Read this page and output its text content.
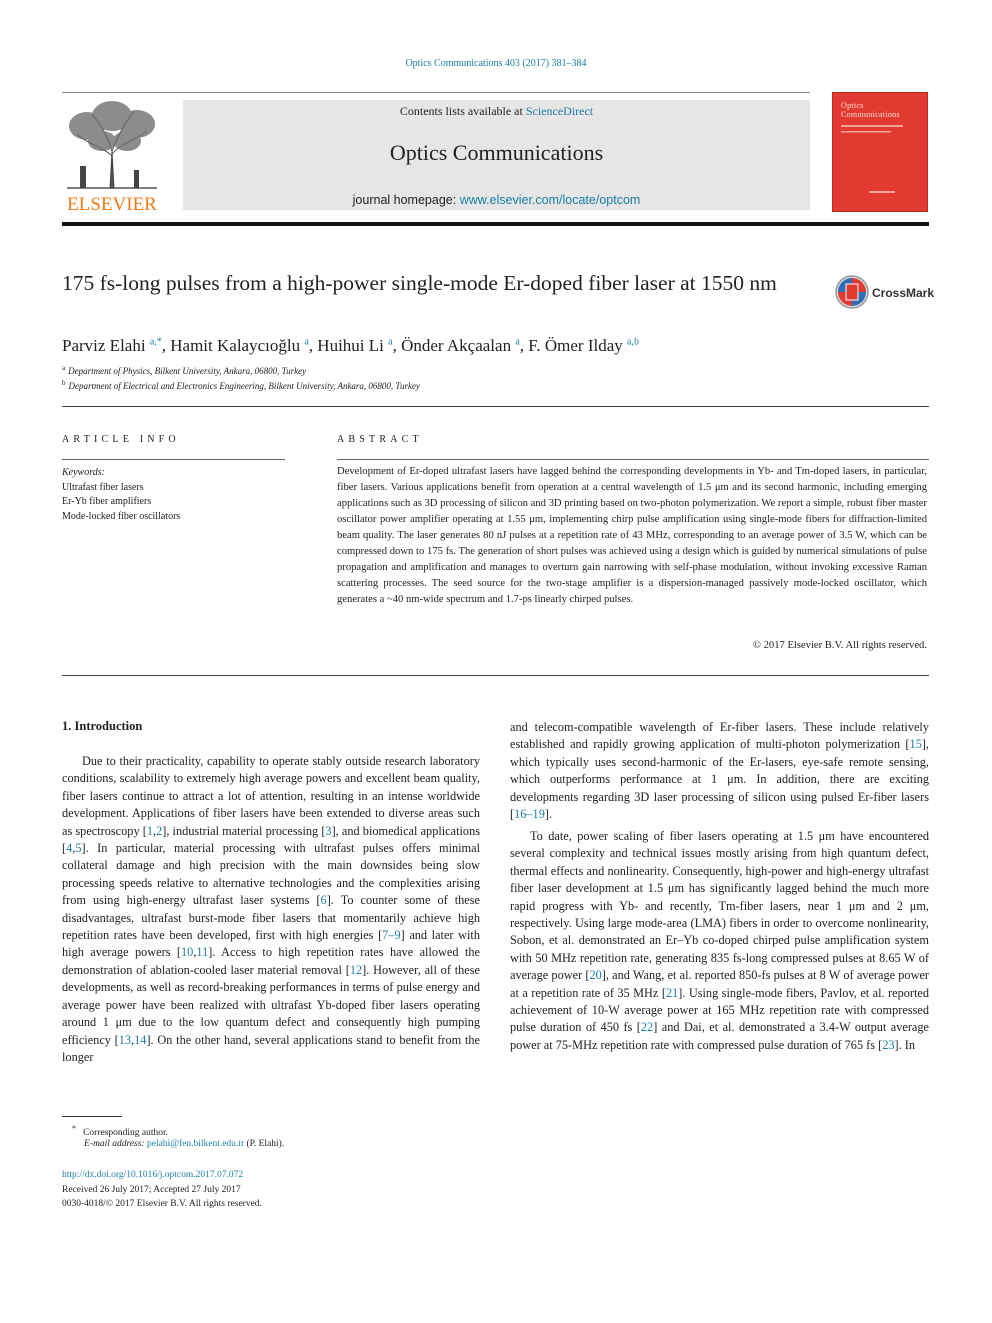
Optics Communications 403 (2017) 381–384
ELSEVIER
Contents lists available at ScienceDirect
Optics Communications
journal homepage: www.elsevier.com/locate/optcom
Optics Communications
175 fs-long pulses from a high-power single-mode Er-doped fiber laser at 1550 nm	CrossMark
Parviz Elahi $^{a,*}$, Hamit Kalaycıoğlu $^a$, Huihui Li $^a$, Önder Akçaalan $^a$, F. Ömer Ilday $^{a,b}$
$^a$ Department of Physics, Bilkent University, Ankara, 06800, Turkey
$^b$ Department of Electrical and Electronics Engineering, Bilkent University, Ankara, 06800, Turkey
ARTICLE INFO	ABSTRACT
Keywords:
Ultrafast fiber lasers
Er-Yb fiber amplifiers
Mode-locked fiber oscillators

Development of Er-doped ultrafast lasers have lagged behind the corresponding developments in Yb- and Tm-doped lasers, in particular, fiber lasers. Various applications benefit from operation at a central wavelength of 1.5 μm and its second harmonic, including emerging applications such as 3D processing of silicon and 3D printing based on two-photon polymerization. We report a simple, robust fiber master oscillator power amplifier operating at 1.55 μm, implementing chirp pulse amplification using single-mode fibers for diffraction-limited beam quality. The laser generates 80 nJ pulses at a repetition rate of 43 MHz, corresponding to an average power of 3.5 W, which can be compressed down to 175 fs. The generation of short pulses was achieved using a design which is guided by numerical simulations of pulse propagation and amplification and manages to overturn gain narrowing with self-phase modulation, without invoking excessive Raman scattering processes. The seed source for the two-stage amplifier is a dispersion-managed passively mode-locked oscillator, which generates a ~40 nm-wide spectrum and 1.7-ps linearly chirped pulses.

© 2017 Elsevier B.V. All rights reserved.
1. Introduction

Due to their practicality, capability to operate stably outside research laboratory conditions, scalability to extremely high average powers and excellent beam quality, fiber lasers continue to attract a lot of attention, resulting in an intense worldwide development. Applications of fiber lasers have been extended to diverse areas such as spectroscopy [1,2], industrial material processing [3], and biomedical applications [4,5]. In particular, material processing with ultrafast pulses offers minimal collateral damage and high precision with the main downsides being slow processing speeds relative to alternative technologies and the complexities arising from using high-energy ultrafast laser systems [6]. To counter some of these disadvantages, ultrafast burst-mode fiber lasers that momentarily achieve high repetition rates have been developed, first with high energies [7–9] and later with high average powers [10,11]. Access to high repetition rates have allowed the demonstration of ablation-cooled laser material removal [12]. However, all of these developments, as well as record-breaking performances in terms of pulse energy and average power have been realized with ultrafast Yb-doped fiber lasers operating around 1 μm due to the low quantum defect and consequently high pumping efficiency [13,14]. On the other hand, several applications stand to benefit from the longer

and telecom-compatible wavelength of Er-fiber lasers. These include relatively established and rapidly growing application of multi-photon polymerization [15], which typically uses second-harmonic of the Er-lasers, eye-safe remote sensing, which outperforms performance at 1 μm. In addition, there are exciting developments regarding 3D laser processing of silicon using pulsed Er-fiber lasers [16–19].

To date, power scaling of fiber lasers operating at 1.5 μm have encountered several complexity and technical issues mostly arising from high quantum defect, thermal effects and nonlinearity. Consequently, high-power and high-energy ultrafast fiber laser development at 1.5 μm has significantly lagged behind the much more rapid progress with Yb- and recently, Tm-fiber lasers, near 1 μm and 2 μm, respectively. Using large mode-area (LMA) fibers in order to overcome nonlinearity, Sobon, et al. demonstrated an Er–Yb co-doped chirped pulse amplification system with 50 MHz repetition rate, generating 835 fs-long compressed pulses at 8.65 W of average power [20], and Wang, et al. reported 850-fs pulses at 8 W of average power at a repetition rate of 35 MHz [21]. Using single-mode fibers, Pavlov, et al. reported achievement of 10-W average power at 165 MHz repetition rate with compressed pulse duration of 450 fs [22] and Dai, et al. demonstrated a 3.4-W output average power at 75-MHz repetition rate with compressed pulse duration of 765 fs [23]. In

* Corresponding author.
E-mail address: pelahi@fen.bilkent.edu.tr (P. Elahi).
http://dx.doi.org/10.1016/j.optcom.2017.07.072
Received 26 July 2017; Accepted 27 July 2017
0030-4018/© 2017 Elsevier B.V. All rights reserved.
